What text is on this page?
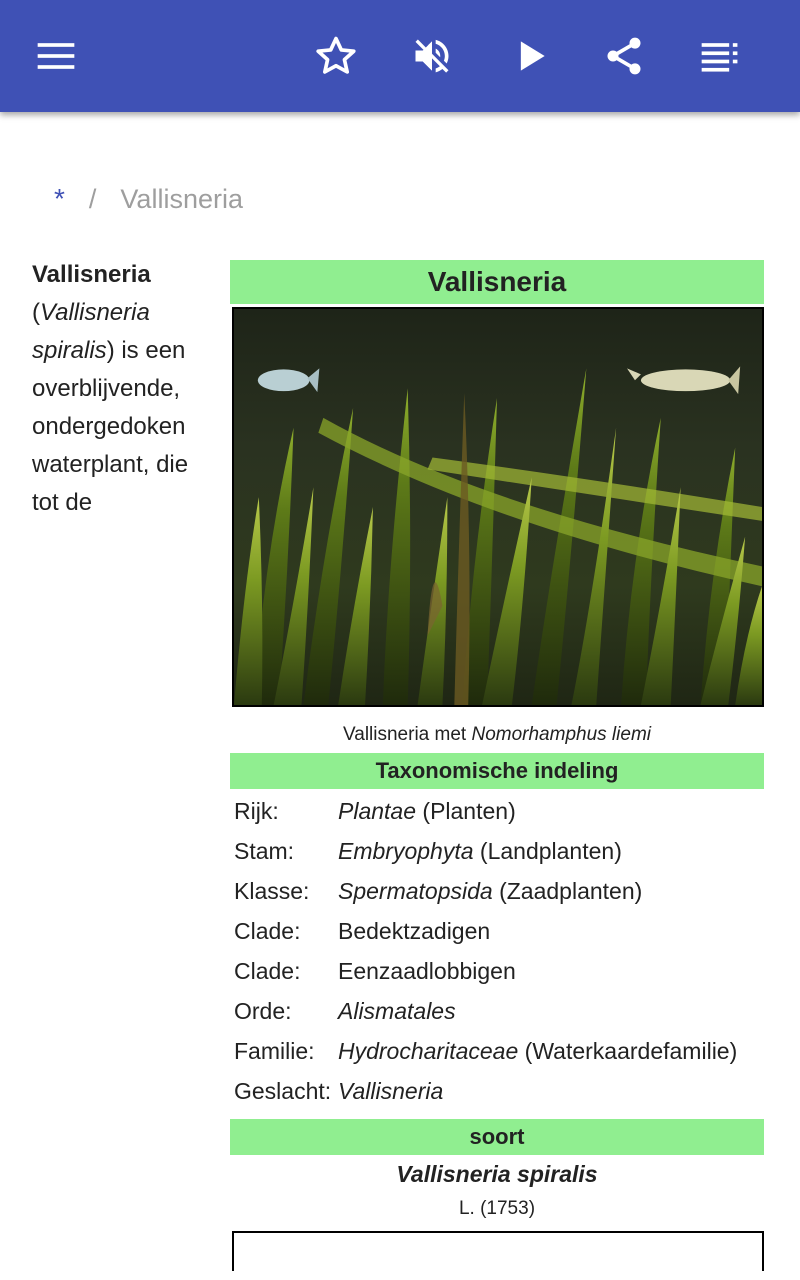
* / Vallisneria
Vallisneria
(Vallisneria spiralis) is een overblijvende, ondergedoken waterplant, die tot de
Vallisneria
Vallisneria met Nomorhamphus liemi
Taxonomische indeling
Rijk:	Plantae (Planten)
Stam:	Embryophyta (Landplanten)
Klasse:	Spermatopsida (Zaadplanten)
Clade:	Bedektzadigen
Clade:	Eenzaadlobbigen
Orde:	Alismatales
Familie:	Hydrocharitaceae (Waterkaardefamilie)
Geslacht: Vallisneria
soort
Vallisneria spiralis
L. (1753)
